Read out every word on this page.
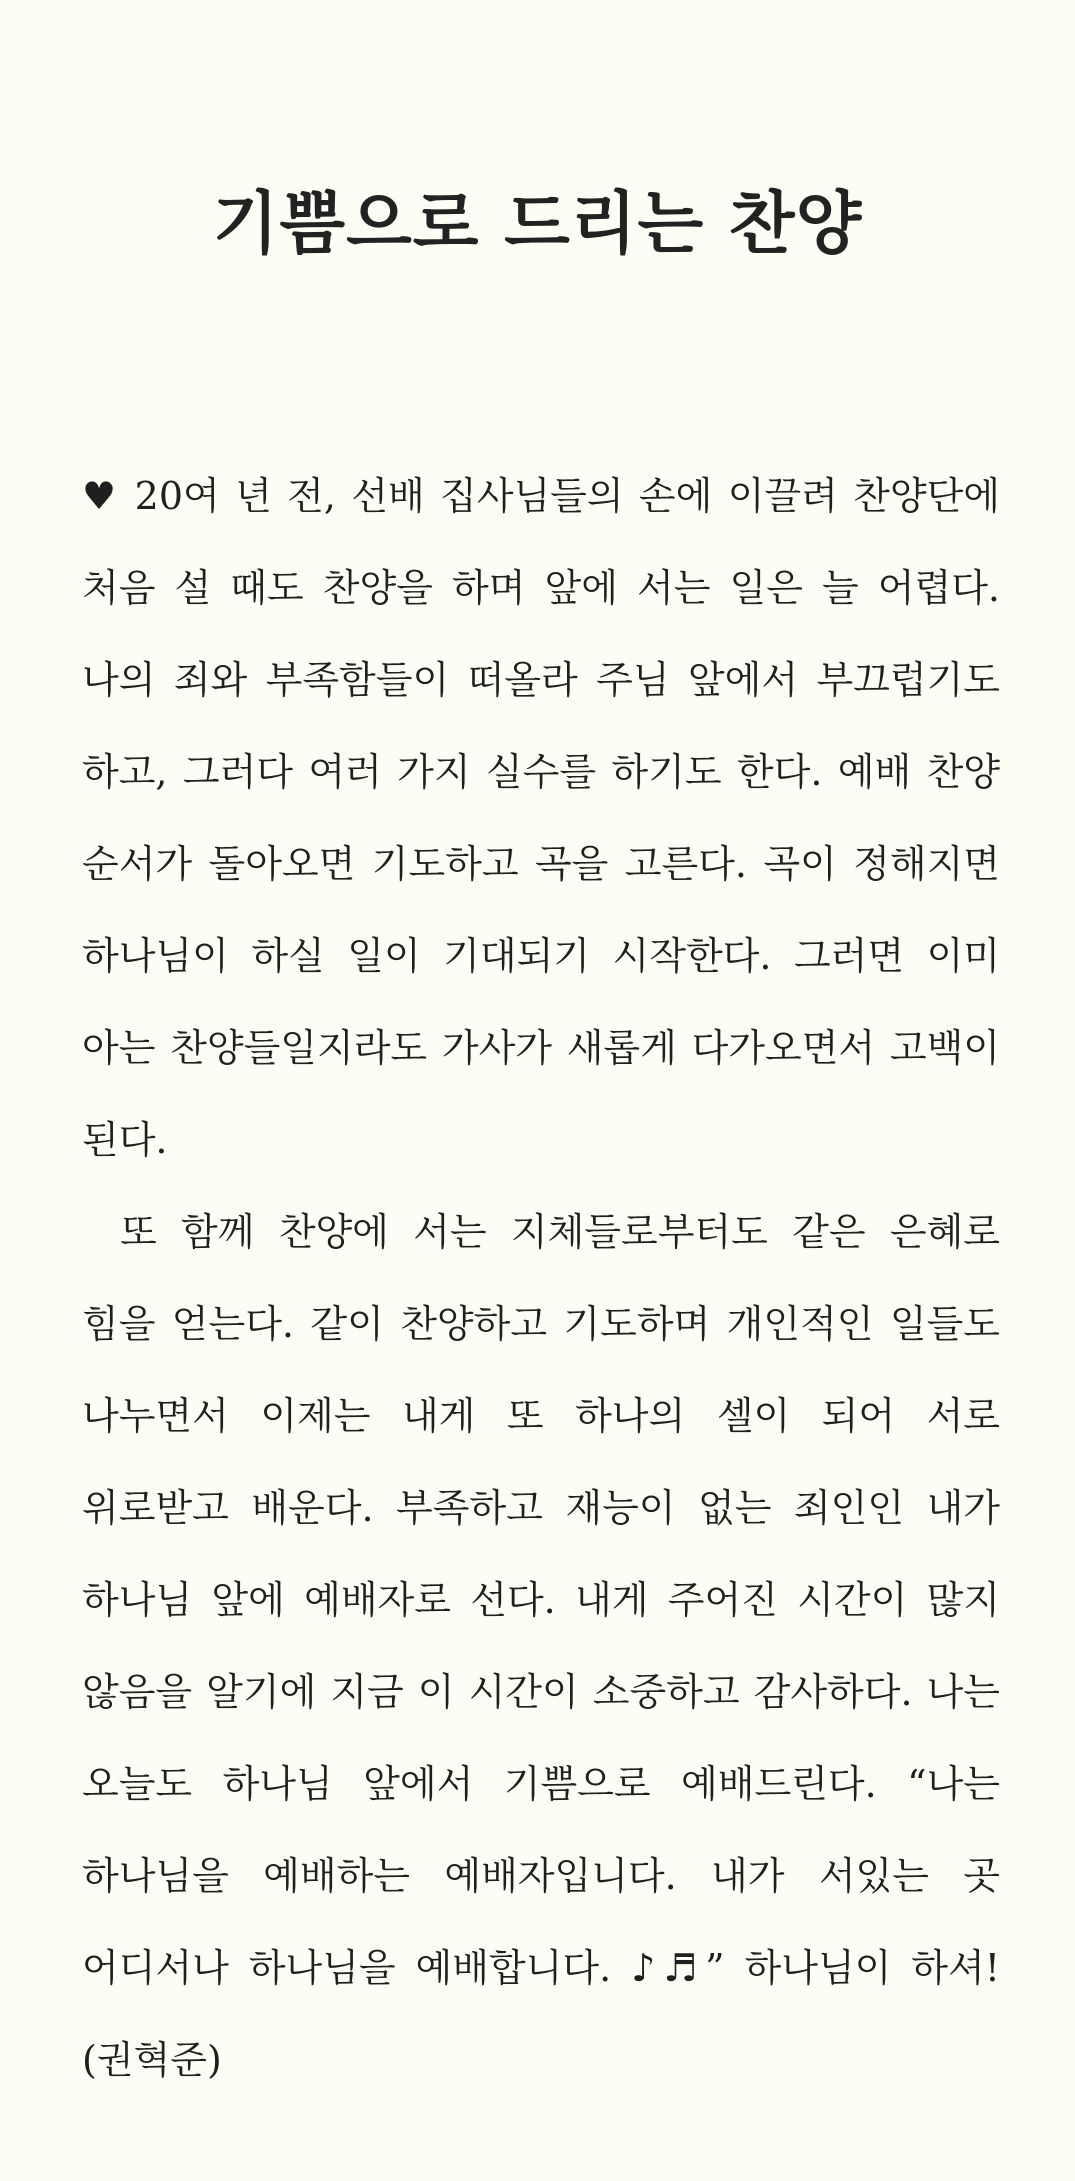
기쁨으로 드리는 찬양

♥ 20여 년 전, 선배 집사님들의 손에 이끌려 찬양단에 처음 설 때도 찬양을 하며 앞에 서는 일은 늘 어렵다. 나의 죄와 부족함들이 떠올라 주님 앞에서 부끄럽기도 하고, 그러다 여러 가지 실수를 하기도 한다. 예배 찬양 순서가 돌아오면 기도하고 곡을 고른다. 곡이 정해지면 하나님이 하실 일이 기대되기 시작한다. 그러면 이미 아는 찬양들일지라도 가사가 새롭게 다가오면서 고백이 된다.

또 함께 찬양에 서는 지체들로부터도 같은 은혜로 힘을 얻는다. 같이 찬양하고 기도하며 개인적인 일들도 나누면서 이제는 내게 또 하나의 셀이 되어 서로 위로받고 배운다. 부족하고 재능이 없는 죄인인 내가 하나님 앞에 예배자로 선다. 내게 주어진 시간이 많지 않음을 알기에 지금 이 시간이 소중하고 감사하다. 나는 오늘도 하나님 앞에서 기쁨으로 예배드린다. “나는 하나님을 예배하는 예배자입니다. 내가 서있는 곳 어디서나 하나님을 예배합니다. ♪♬” 하나님이 하셔! (권혁준)
